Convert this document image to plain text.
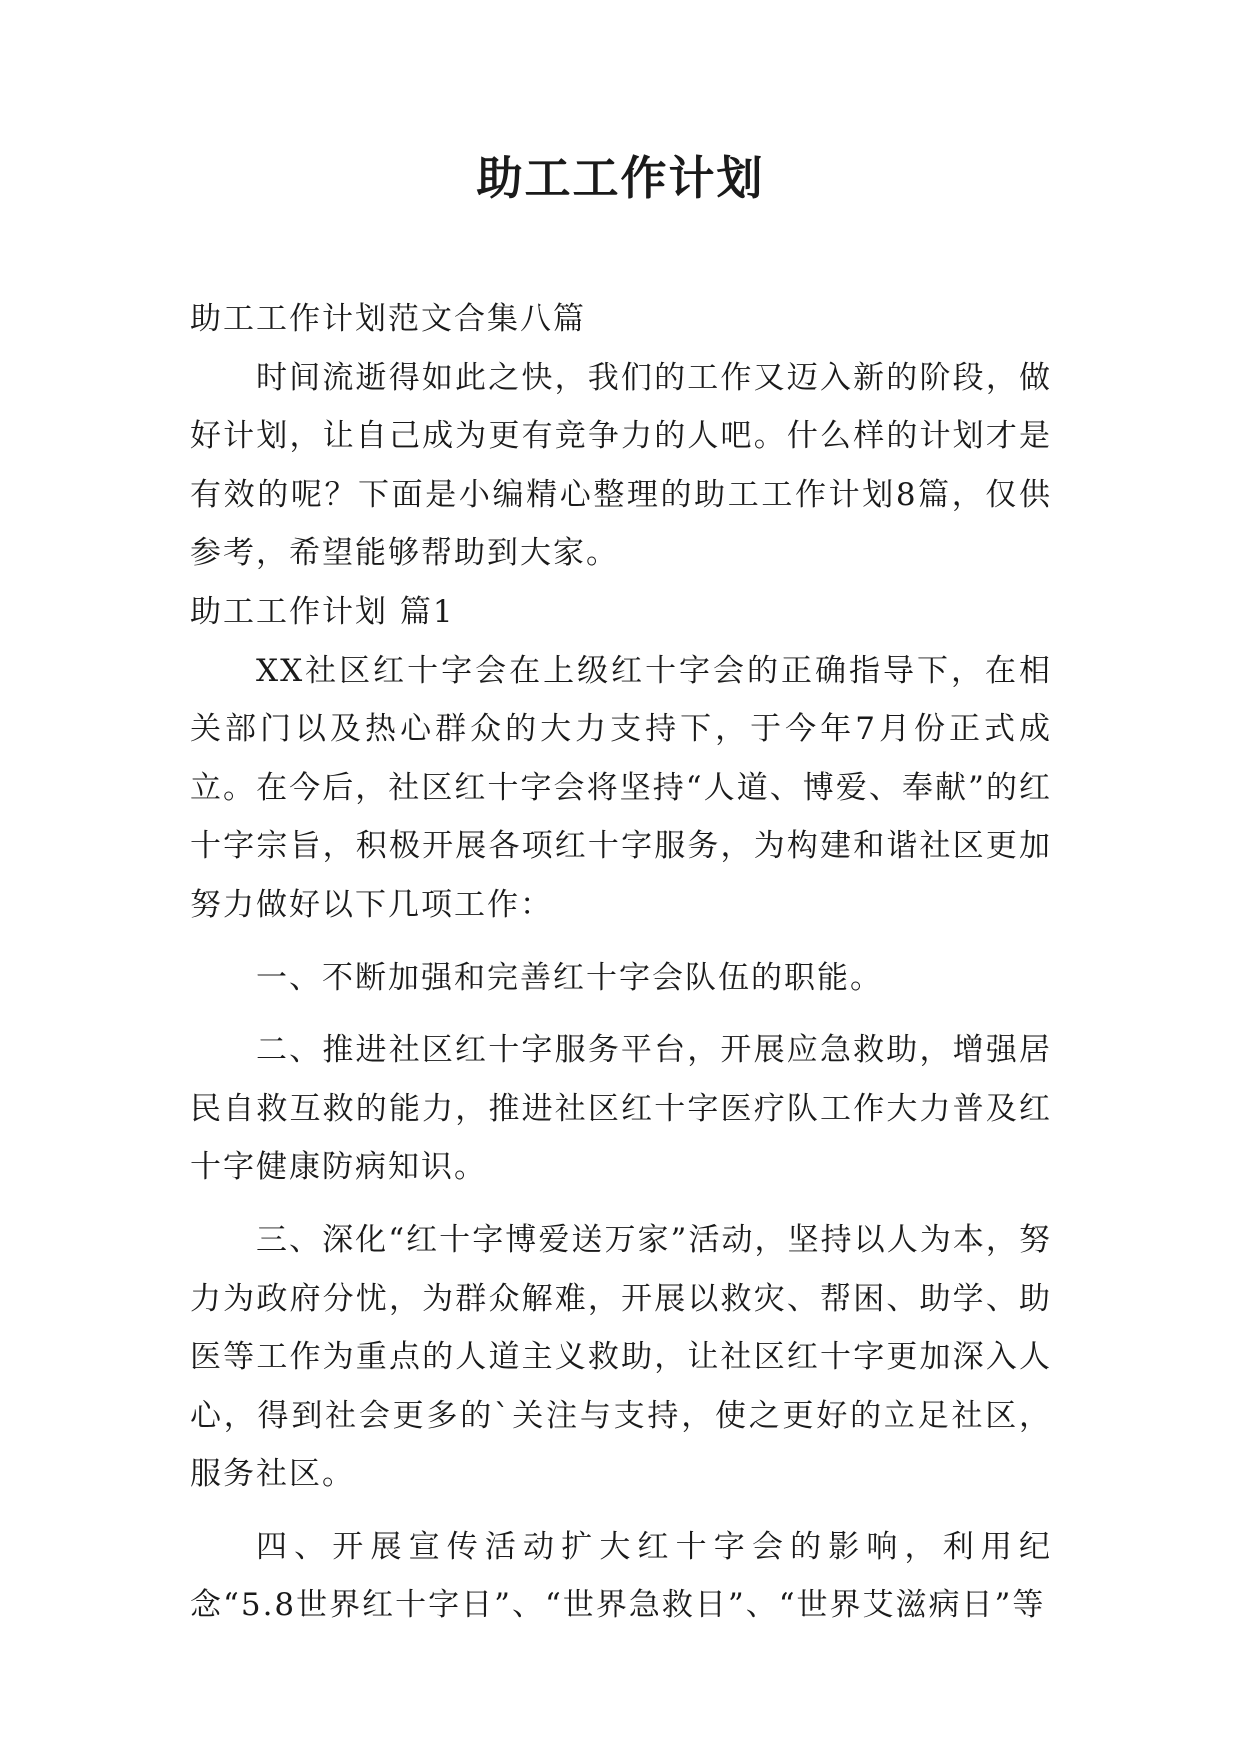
助工工作计划

助工工作计划范文合集八篇

时间流逝得如此之快，我们的工作又迈入新的阶段，做好计划，让自己成为更有竞争力的人吧。什么样的计划才是有效的呢？下面是小编精心整理的助工工作计划8篇，仅供参考，希望能够帮助到大家。

助工工作计划 篇1

XX社区红十字会在上级红十字会的正确指导下，在相关部门以及热心群众的大力支持下，于今年7月份正式成立。在今后，社区红十字会将坚持“人道、博爱、奉献”的红十字宗旨，积极开展各项红十字服务，为构建和谐社区更加努力做好以下几项工作：

一、不断加强和完善红十字会队伍的职能。

二、推进社区红十字服务平台，开展应急救助，增强居民自救互救的能力，推进社区红十字医疗队工作大力普及红十字健康防病知识。

三、深化“红十字博爱送万家”活动，坚持以人为本，努力为政府分忧，为群众解难，开展以救灾、帮困、助学、助医等工作为重点的人道主义救助，让社区红十字更加深入人心，得到社会更多的`关注与支持，使之更好的立足社区，服务社区。

四、开展宣传活动扩大红十字会的影响，利用纪念“5.8世界红十字日”、“世界急救日”、“世界艾滋病日”等
